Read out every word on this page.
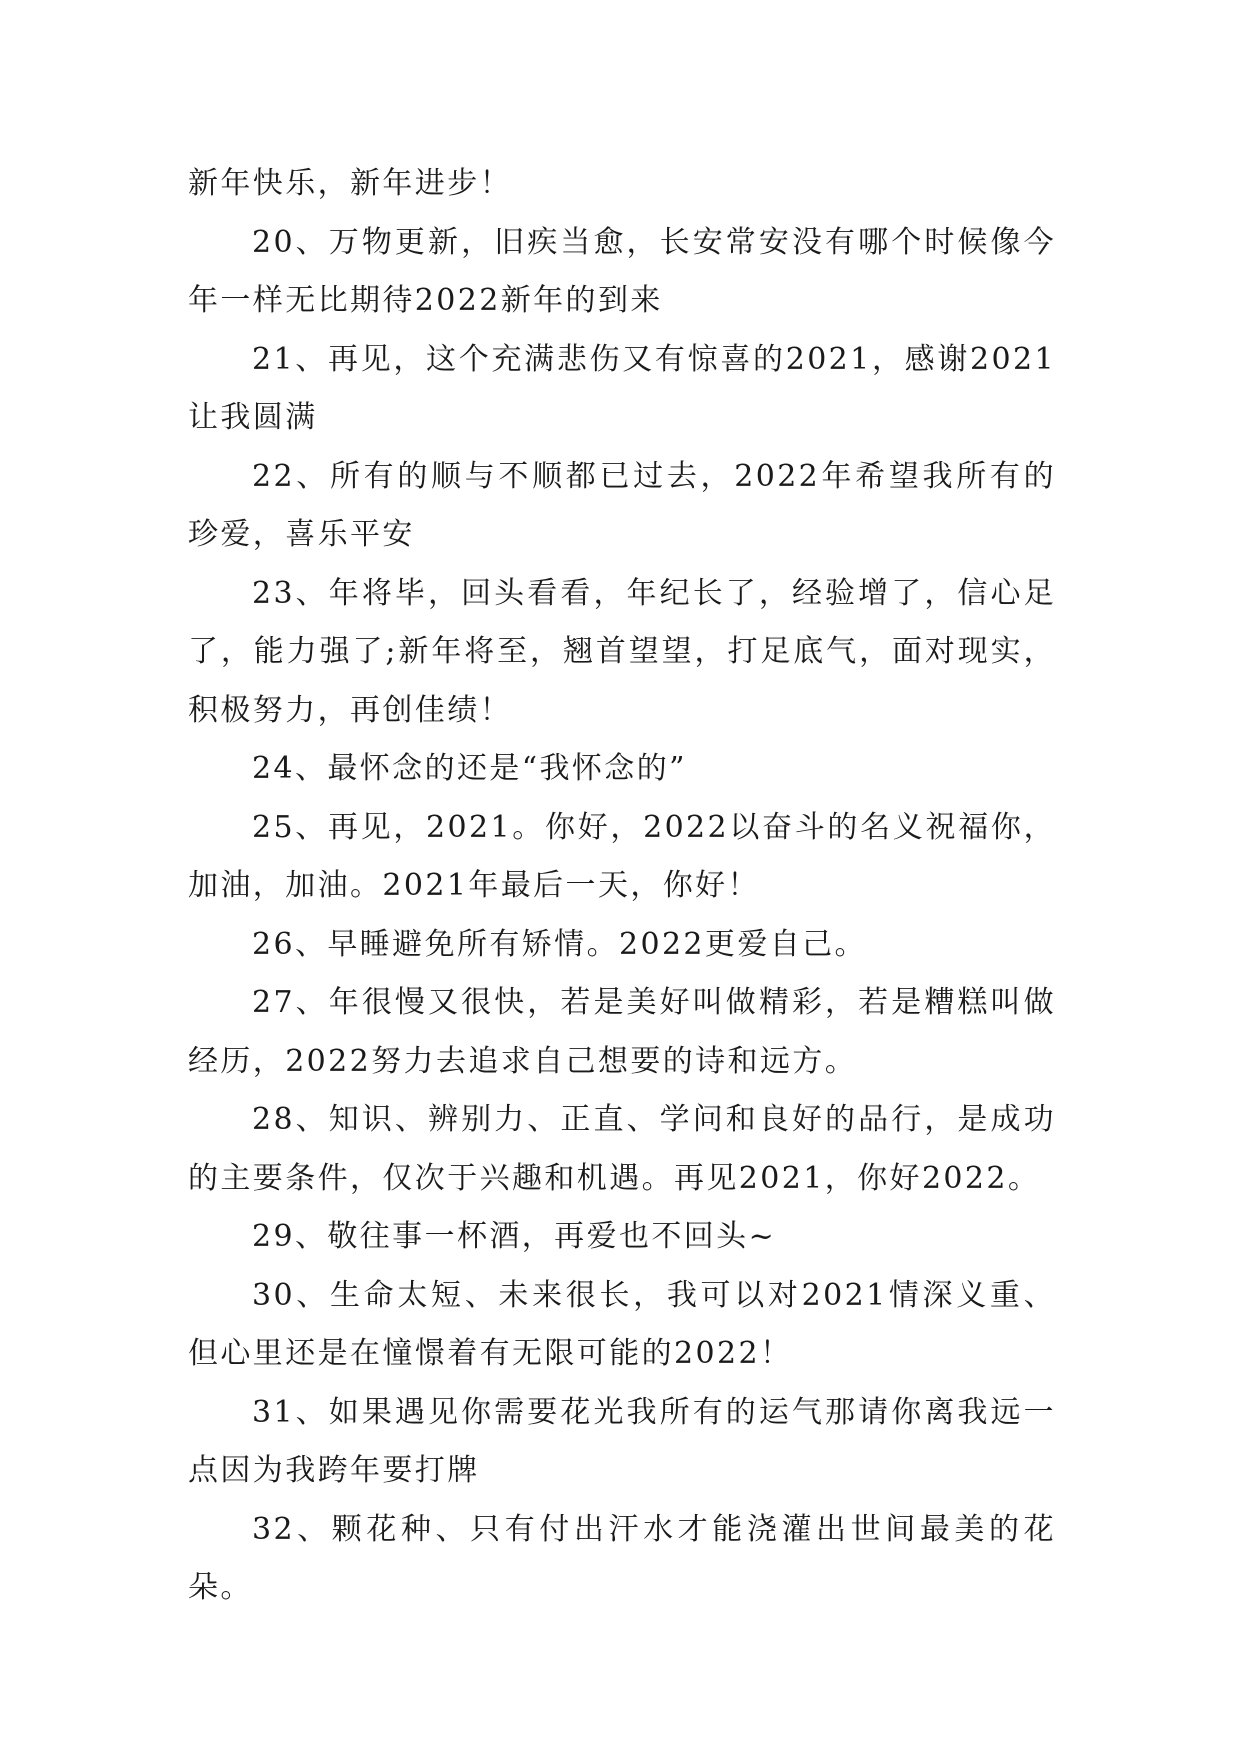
新年快乐，新年进步！

20、万物更新，旧疾当愈，长安常安没有哪个时候像今年一样无比期待2022新年的到来

21、再见，这个充满悲伤又有惊喜的2021，感谢2021让我圆满

22、所有的顺与不顺都已过去，2022年希望我所有的珍爱，喜乐平安

23、年将毕，回头看看，年纪长了，经验增了，信心足了，能力强了;新年将至，翘首望望，打足底气，面对现实，积极努力，再创佳绩！

24、最怀念的还是“我怀念的”

25、再见，2021。你好，2022以奋斗的名义祝福你，加油，加油。2021年最后一天，你好！

26、早睡避免所有矫情。2022更爱自己。

27、年很慢又很快，若是美好叫做精彩，若是糟糕叫做经历，2022努力去追求自己想要的诗和远方。

28、知识、辨别力、正直、学问和良好的品行，是成功的主要条件，仅次于兴趣和机遇。再见2021，你好2022。

29、敬往事一杯酒，再爱也不回头~

30、生命太短、未来很长，我可以对2021情深义重、但心里还是在憧憬着有无限可能的2022！

31、如果遇见你需要花光我所有的运气那请你离我远一点因为我跨年要打牌

32、颗花种、只有付出汗水才能浇灌出世间最美的花朵。
